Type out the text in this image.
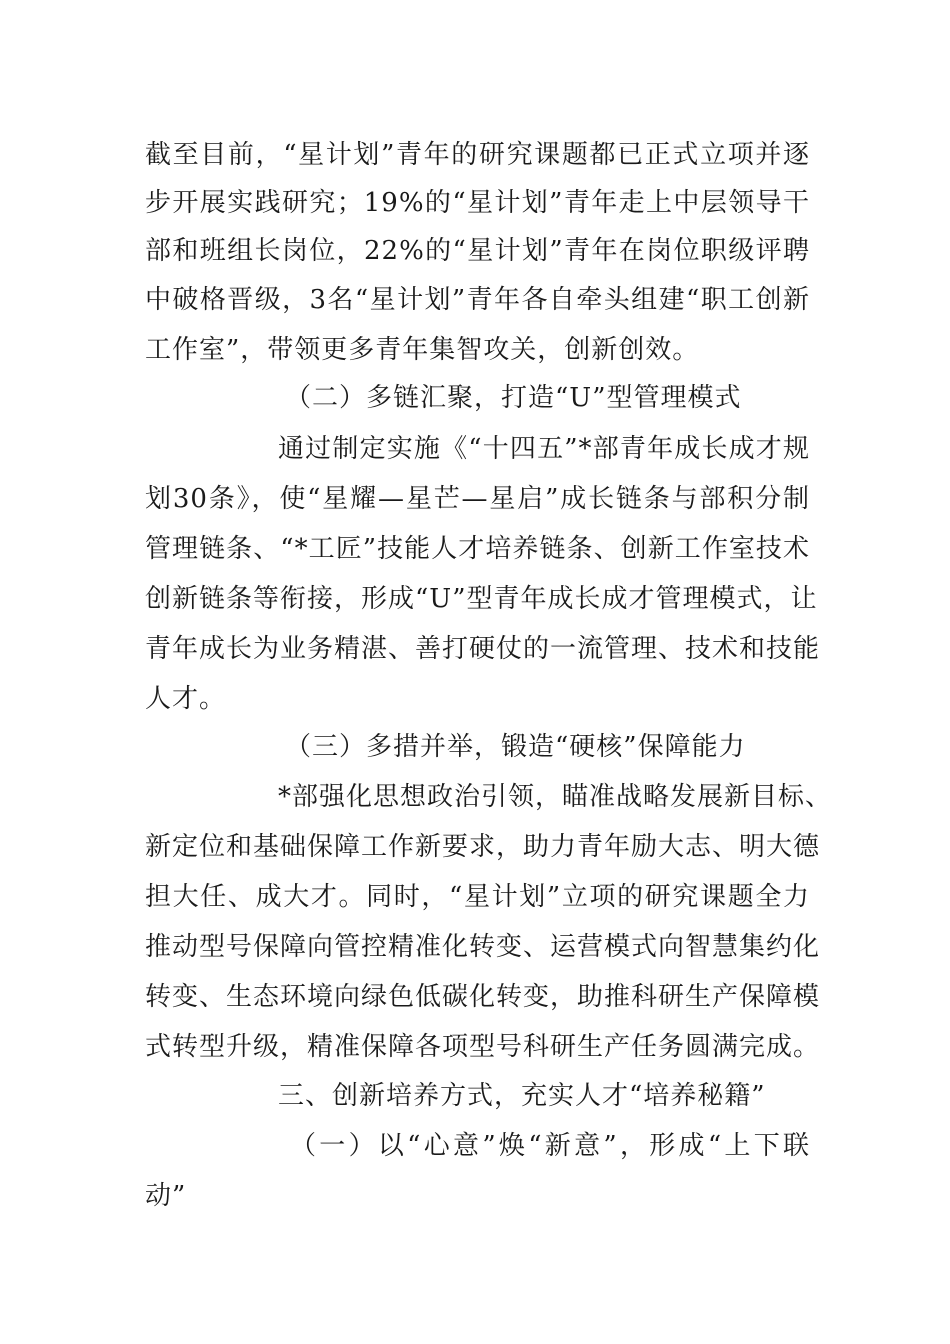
截至目前，“星计划”青年的研究课题都已正式立项并逐
步开展实践研究；19%的“星计划”青年走上中层领导干
部和班组长岗位，22%的“星计划”青年在岗位职级评聘
中破格晋级，3名“星计划”青年各自牵头组建“职工创新
工作室”，带领更多青年集智攻关，创新创效。
（二）多链汇聚，打造“U”型管理模式
通过制定实施《“十四五”*部青年成长成才规
划30条》，使“星耀—星芒—星启”成长链条与部积分制
管理链条、“*工匠”技能人才培养链条、创新工作室技术
创新链条等衔接，形成“U”型青年成长成才管理模式，让
青年成长为业务精湛、善打硬仗的一流管理、技术和技能
人才。
（三）多措并举，锻造“硬核”保障能力
*部强化思想政治引领，瞄准战略发展新目标、
新定位和基础保障工作新要求，助力青年励大志、明大德
担大任、成大才。同时，“星计划”立项的研究课题全力
推动型号保障向管控精准化转变、运营模式向智慧集约化
转变、生态环境向绿色低碳化转变，助推科研生产保障模
式转型升级，精准保障各项型号科研生产任务圆满完成。
三、创新培养方式，充实人才“培养秘籍”
（一）以“心意”焕“新意”，形成“上下联
动”
